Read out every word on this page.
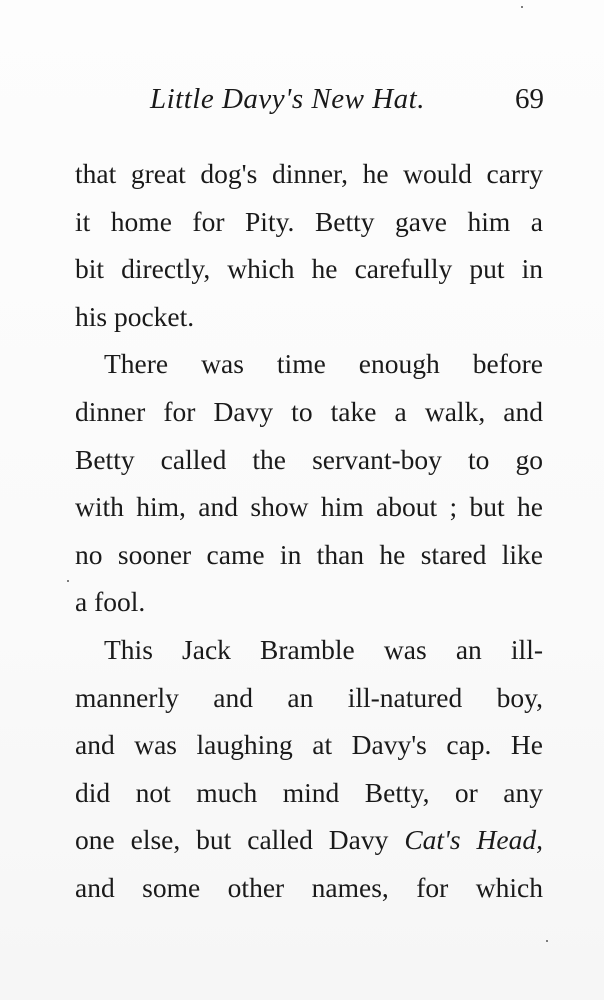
Little Davy's New Hat.	69

that great dog's dinner, he would carry
it home for Pity. Betty gave him a
bit directly, which he carefully put in
his pocket.

There was time enough before
dinner for Davy to take a walk, and
Betty called the servant-boy to go
with him, and show him about ; but he
no sooner came in than he stared like
a fool.

This Jack Bramble was an ill-
mannerly and an ill-natured boy,
and was laughing at Davy's cap. He
did not much mind Betty, or any
one else, but called Davy Cat's Head,
and some other names, for which
